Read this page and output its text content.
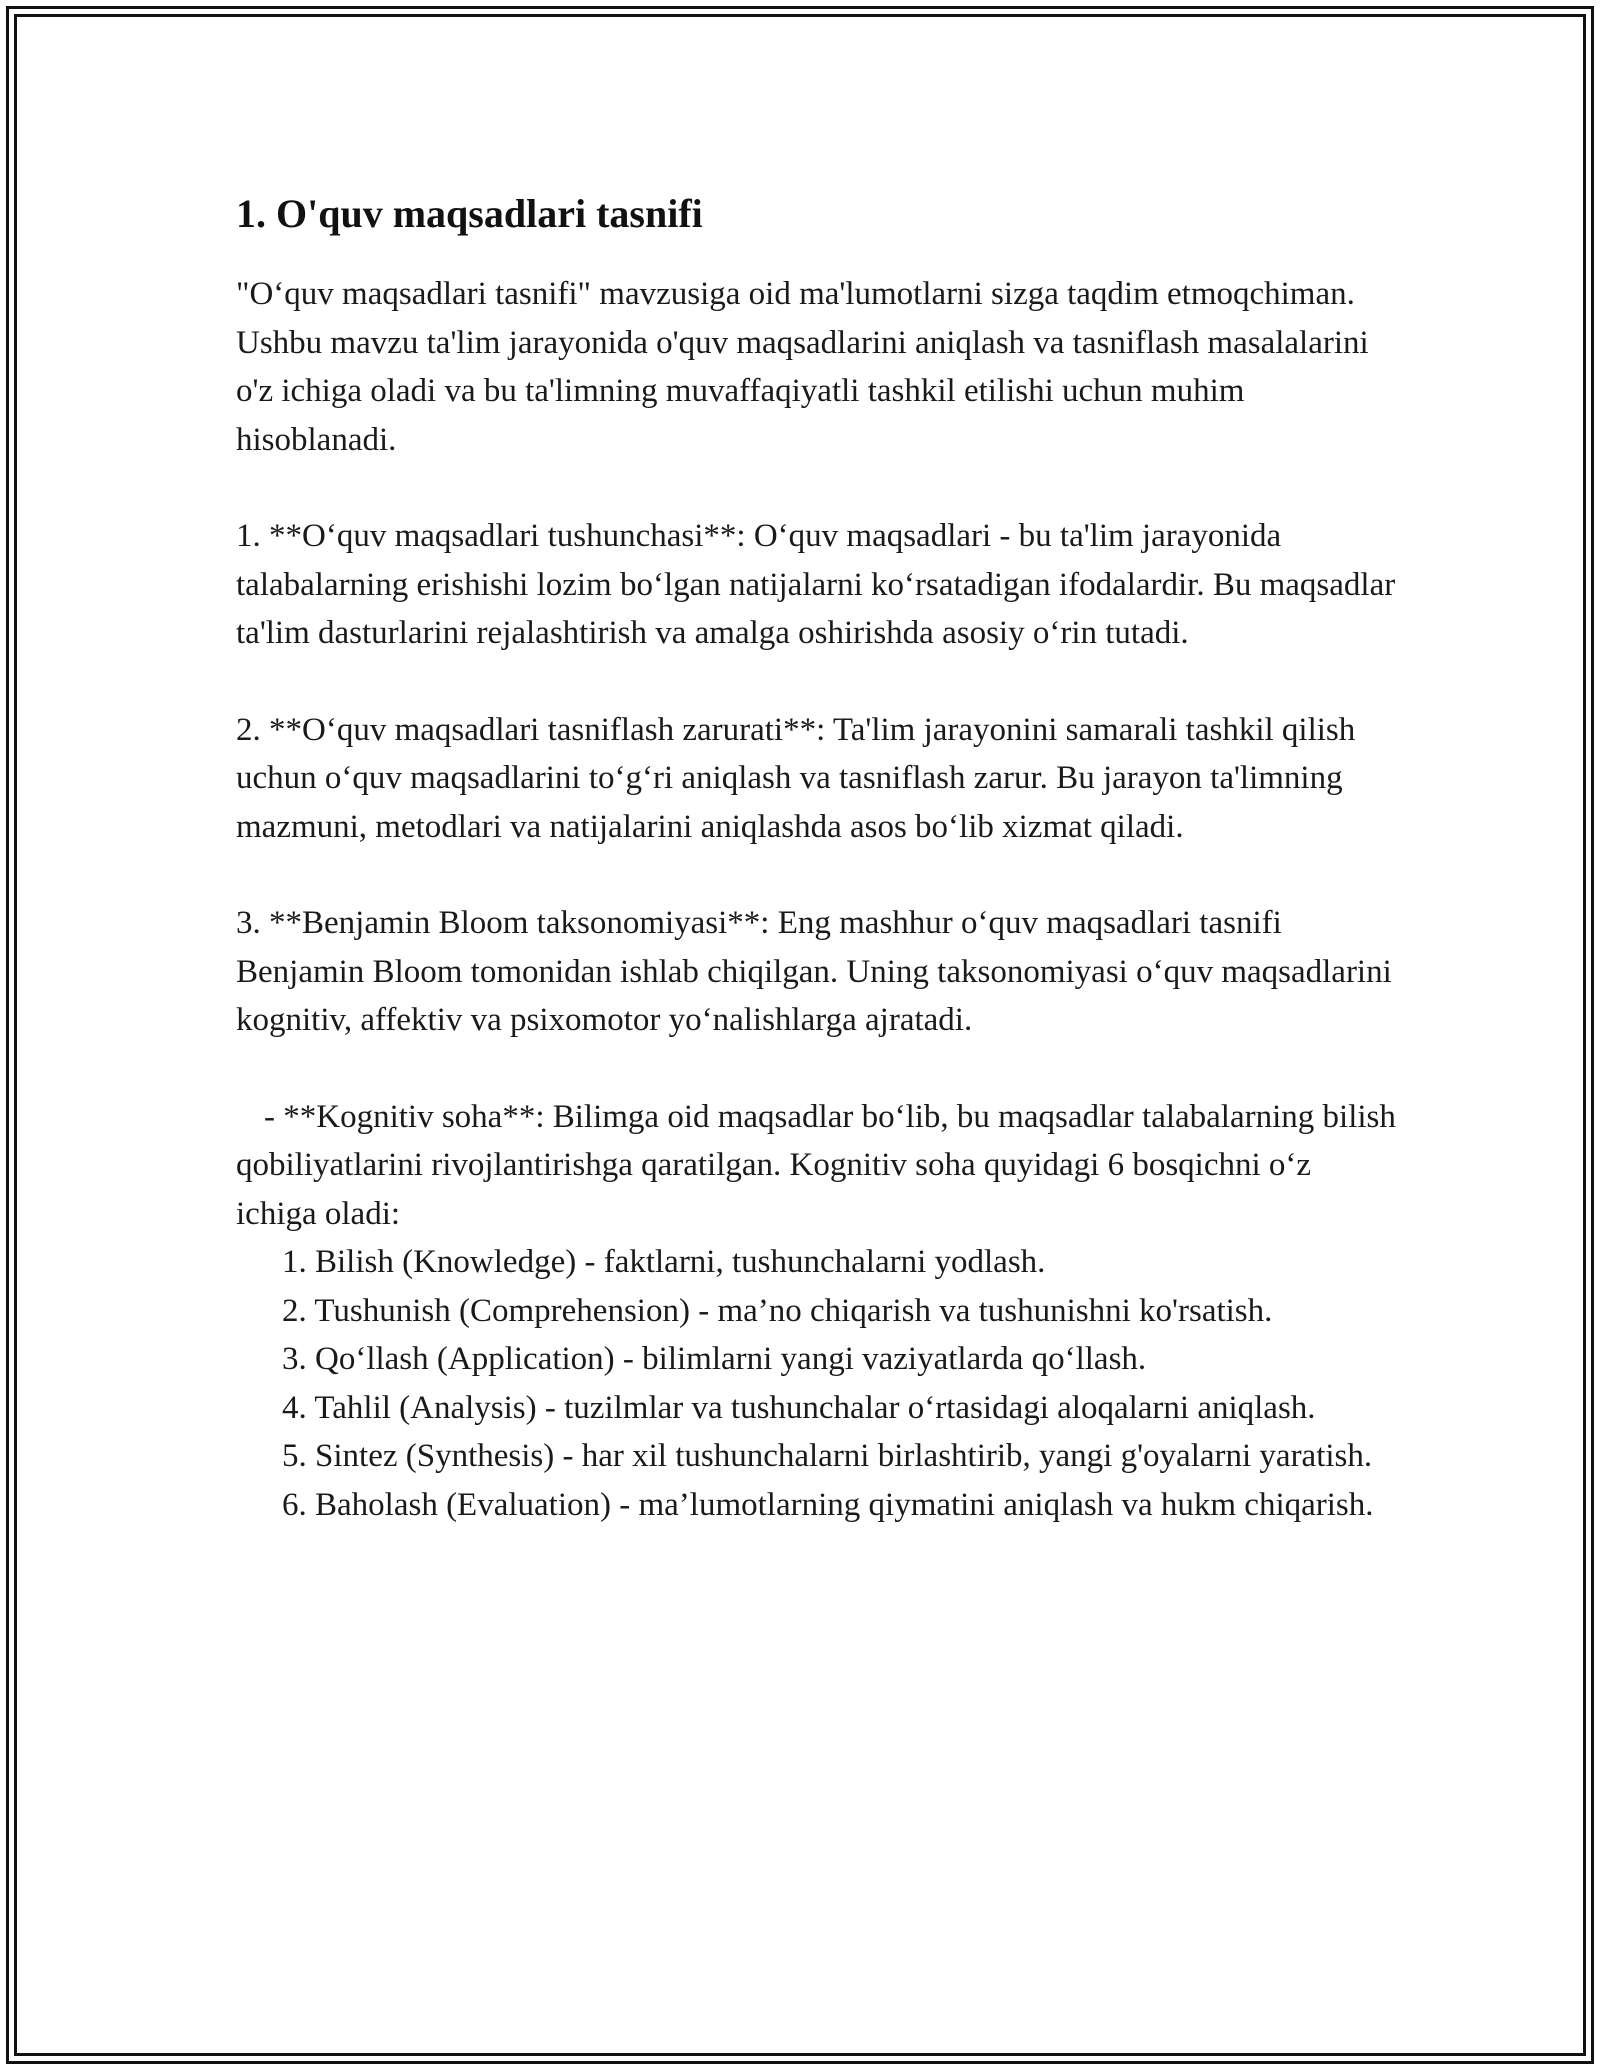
1. O'quv maqsadlari tasnifi

"O‘quv maqsadlari tasnifi" mavzusiga oid ma'lumotlarni sizga taqdim etmoqchiman. Ushbu mavzu ta'lim jarayonida o'quv maqsadlarini aniqlash va tasniflash masalalarini o'z ichiga oladi va bu ta'limning muvaffaqiyatli tashkil etilishi uchun muhim hisoblanadi.

1. **O‘quv maqsadlari tushunchasi**: O‘quv maqsadlari - bu ta'lim jarayonida talabalarning erishishi lozim bo‘lgan natijalarni ko‘rsatadigan ifodalardir. Bu maqsadlar ta'lim dasturlarini rejalashtirish va amalga oshirishda asosiy o‘rin tutadi.

2. **O‘quv maqsadlari tasniflash zarurati**: Ta'lim jarayonini samarali tashkil qilish uchun o‘quv maqsadlarini to‘g‘ri aniqlash va tasniflash zarur. Bu jarayon ta'limning mazmuni, metodlari va natijalarini aniqlashda asos bo‘lib xizmat qiladi.

3. **Benjamin Bloom taksonomiyasi**: Eng mashhur o‘quv maqsadlari tasnifi Benjamin Bloom tomonidan ishlab chiqilgan. Uning taksonomiyasi o‘quv maqsadlarini kognitiv, affektiv va psixomotor yo‘nalishlarga ajratadi.

- **Kognitiv soha**: Bilimga oid maqsadlar bo‘lib, bu maqsadlar talabalarning bilish qobiliyatlarini rivojlantirishga qaratilgan. Kognitiv soha quyidagi 6 bosqichni o‘z ichiga oladi:

1. Bilish (Knowledge) - faktlarni, tushunchalarni yodlash.

2. Tushunish (Comprehension) - ma’no chiqarish va tushunishni ko'rsatish.

3. Qo‘llash (Application) - bilimlarni yangi vaziyatlarda qo‘llash.

4. Tahlil (Analysis) - tuzilmlar va tushunchalar o‘rtasidagi aloqalarni aniqlash.

5. Sintez (Synthesis) - har xil tushunchalarni birlashtirib, yangi g'oyalarni yaratish.

6. Baholash (Evaluation) - ma’lumotlarning qiymatini aniqlash va hukm chiqarish.
